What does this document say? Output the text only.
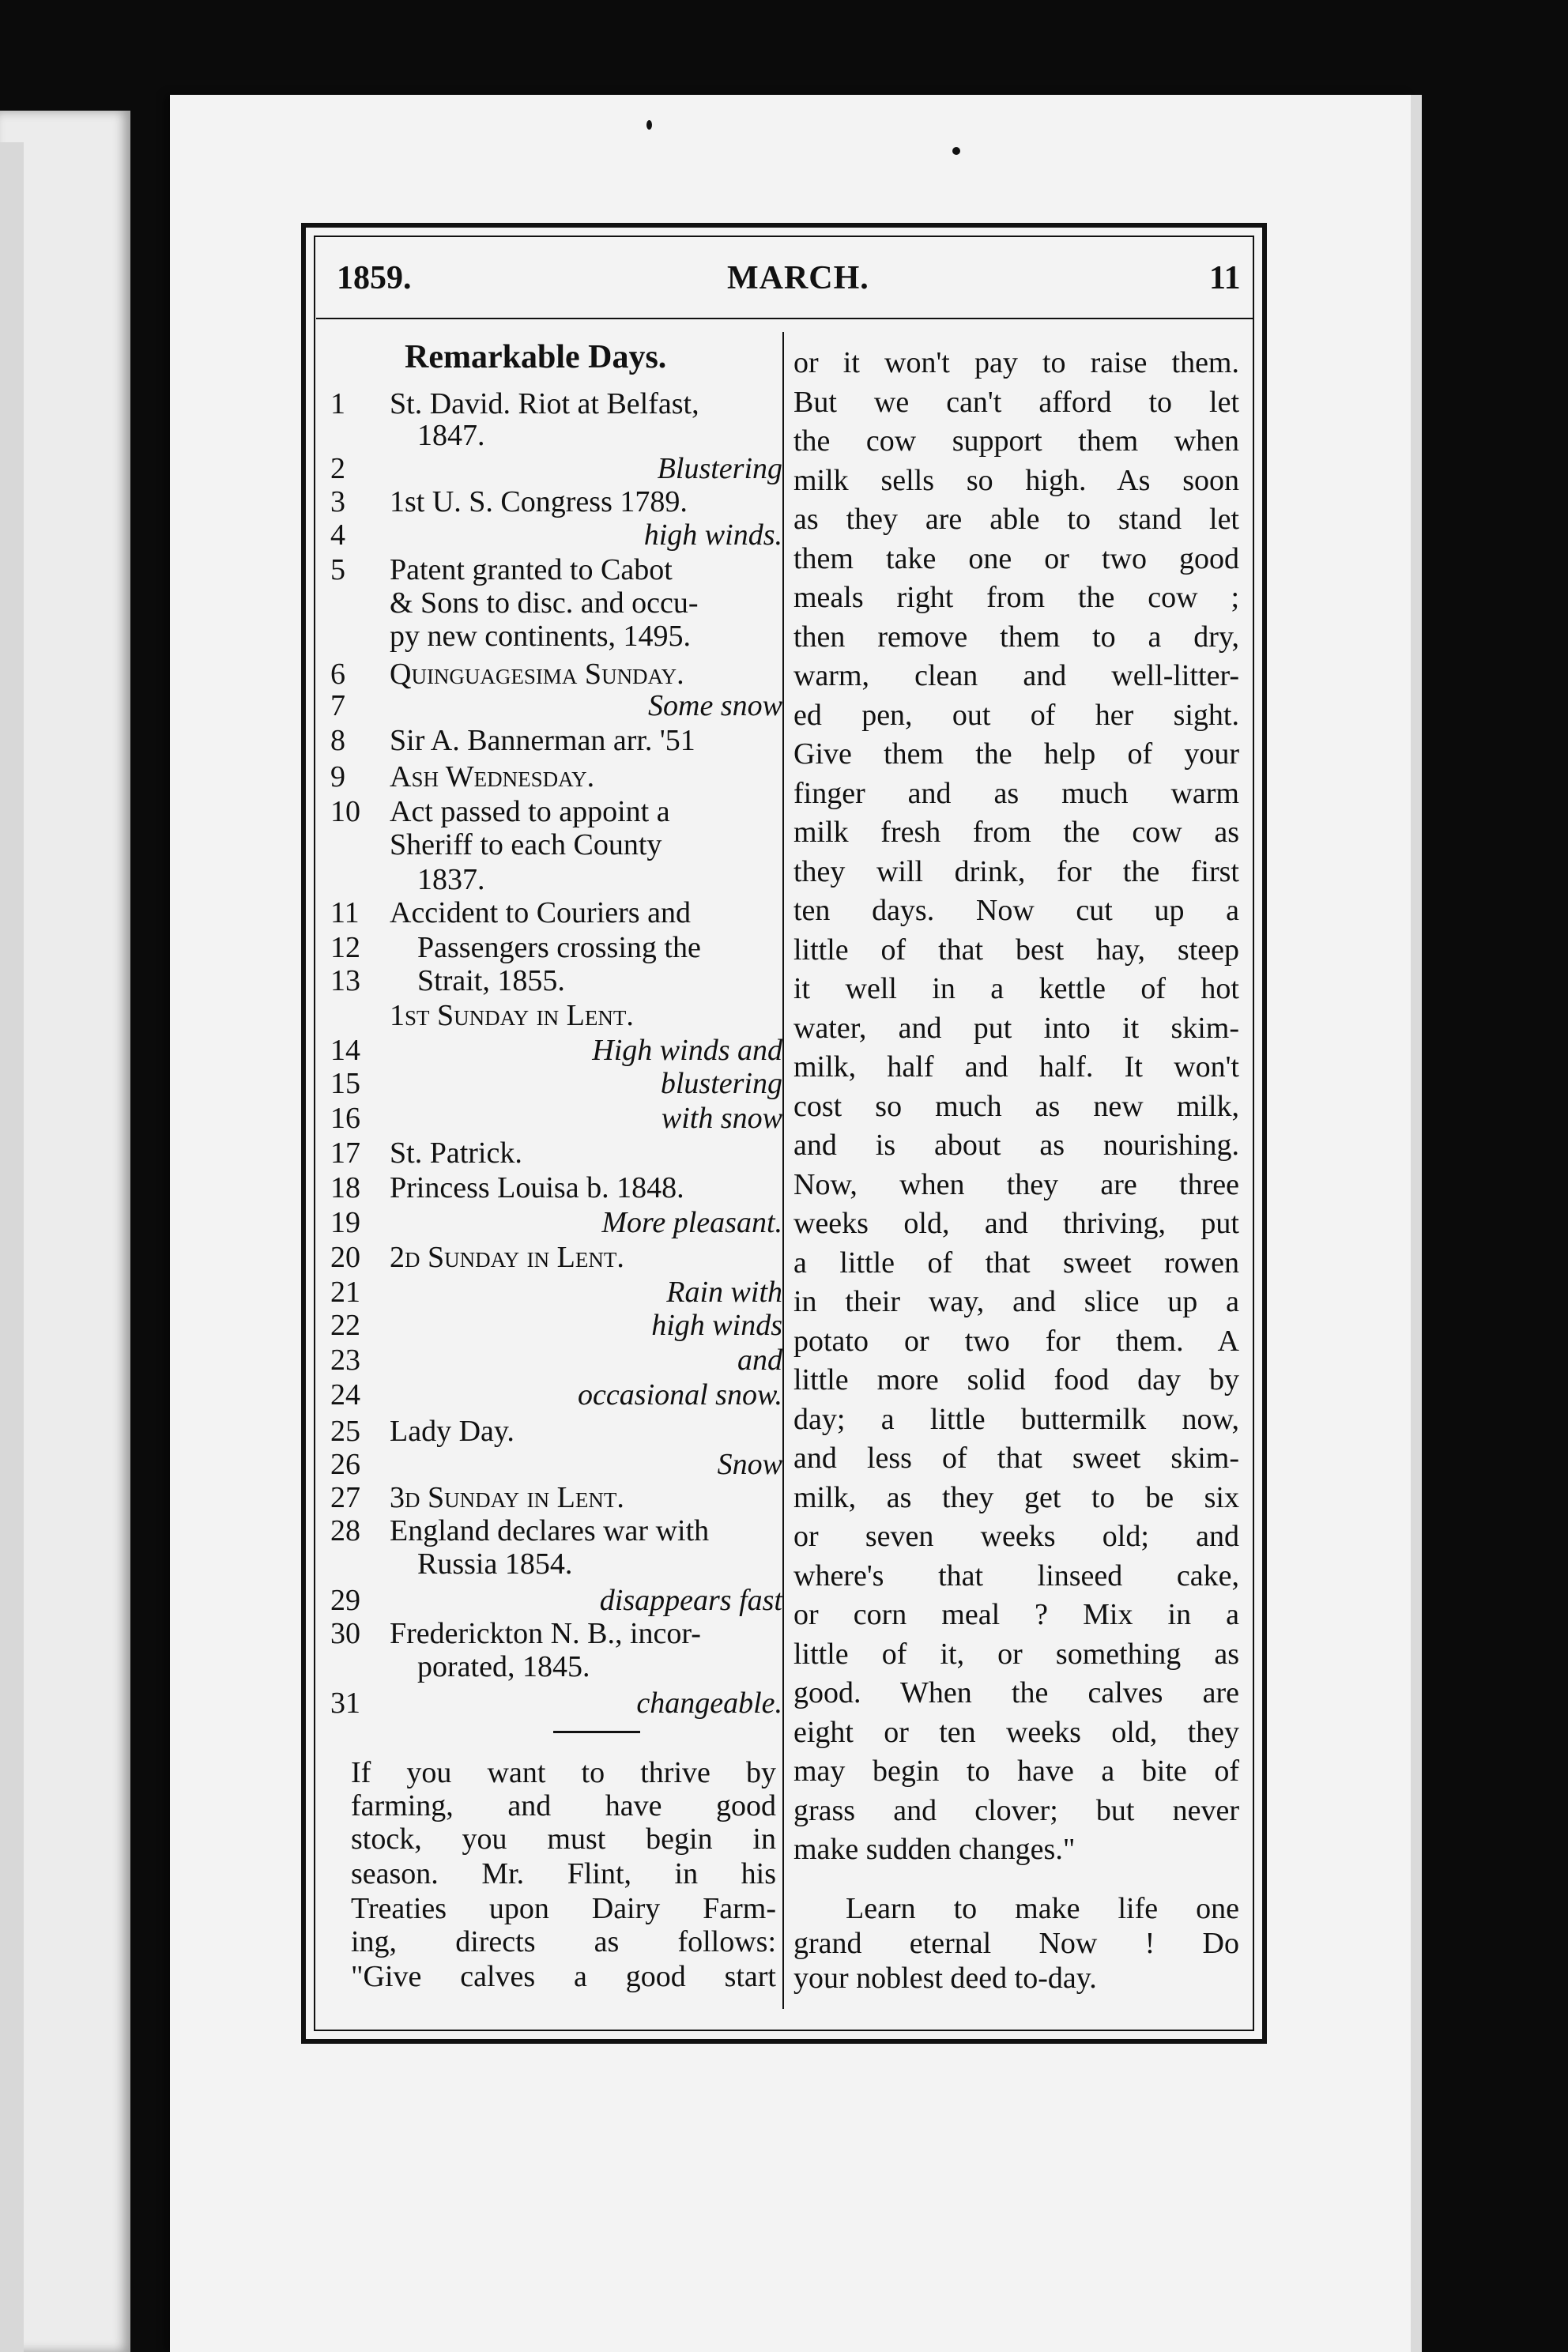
1859.	MARCH.	11
Remarkable Days.
1	St. David. Riot at Belfast,
1847.
2	Blustering
3	1st U. S. Congress 1789.
4	high winds.
5	Patent granted to Cabot
& Sons to disc. and occu-
py new continents, 1495.
6	Quinguagesima Sunday.
7	Some snow
8	Sir A. Bannerman arr. '51
9	Ash Wednesday.
10 Act passed to appoint a
Sheriff to each County
1837.
11	Accident to Couriers and
12	Passengers crossing the
13	Strait, 1855.
1st Sunday in Lent.
14	High winds and
15	blustering
16	with snow
17 St. Patrick.
18 Princess Louisa b. 1848.
19	More pleasant.
20 2d Sunday in Lent.
21	Rain with
22	high winds
23	and
24	occasional snow.
25 Lady Day.
26	Snow
27 3d Sunday in Lent.
28 England declares war with
Russia 1854.
29	disappears fast
30 Frederickton N. B., incor-
porated, 1845.
31	changeable.
If you want to thrive by
farming, and have good
stock, you must begin in
season. Mr. Flint, in his
Treaties upon Dairy Farm-
ing, directs as follows:
"Give calves a good start
or it won't pay to raise them.
But we can't afford to let
the cow support them when
milk sells so high. As soon
as they are able to stand let
them take one or two good
meals right from the cow ;
then remove them to a dry,
warm, clean and well-litter-
ed pen, out of her sight.
Give them the help of your
finger and as much warm
milk fresh from the cow as
they will drink, for the first
ten days. Now cut up a
little of that best hay, steep
it well in a kettle of hot
water, and put into it skim-
milk, half and half. It won't
cost so much as new milk,
and is about as nourishing.
Now, when they are three
weeks old, and thriving, put
a little of that sweet rowen
in their way, and slice up a
potato or two for them. A
little more solid food day by
day; a little buttermilk now,
and less of that sweet skim-
milk, as they get to be six
or seven weeks old; and
where's that linseed cake,
or corn meal ? Mix in a
little of it, or something as
good. When the calves are
eight or ten weeks old, they
may begin to have a bite of
grass and clover; but never
make sudden changes."
Learn to make life one
grand eternal Now ! Do
your noblest deed to-day.
